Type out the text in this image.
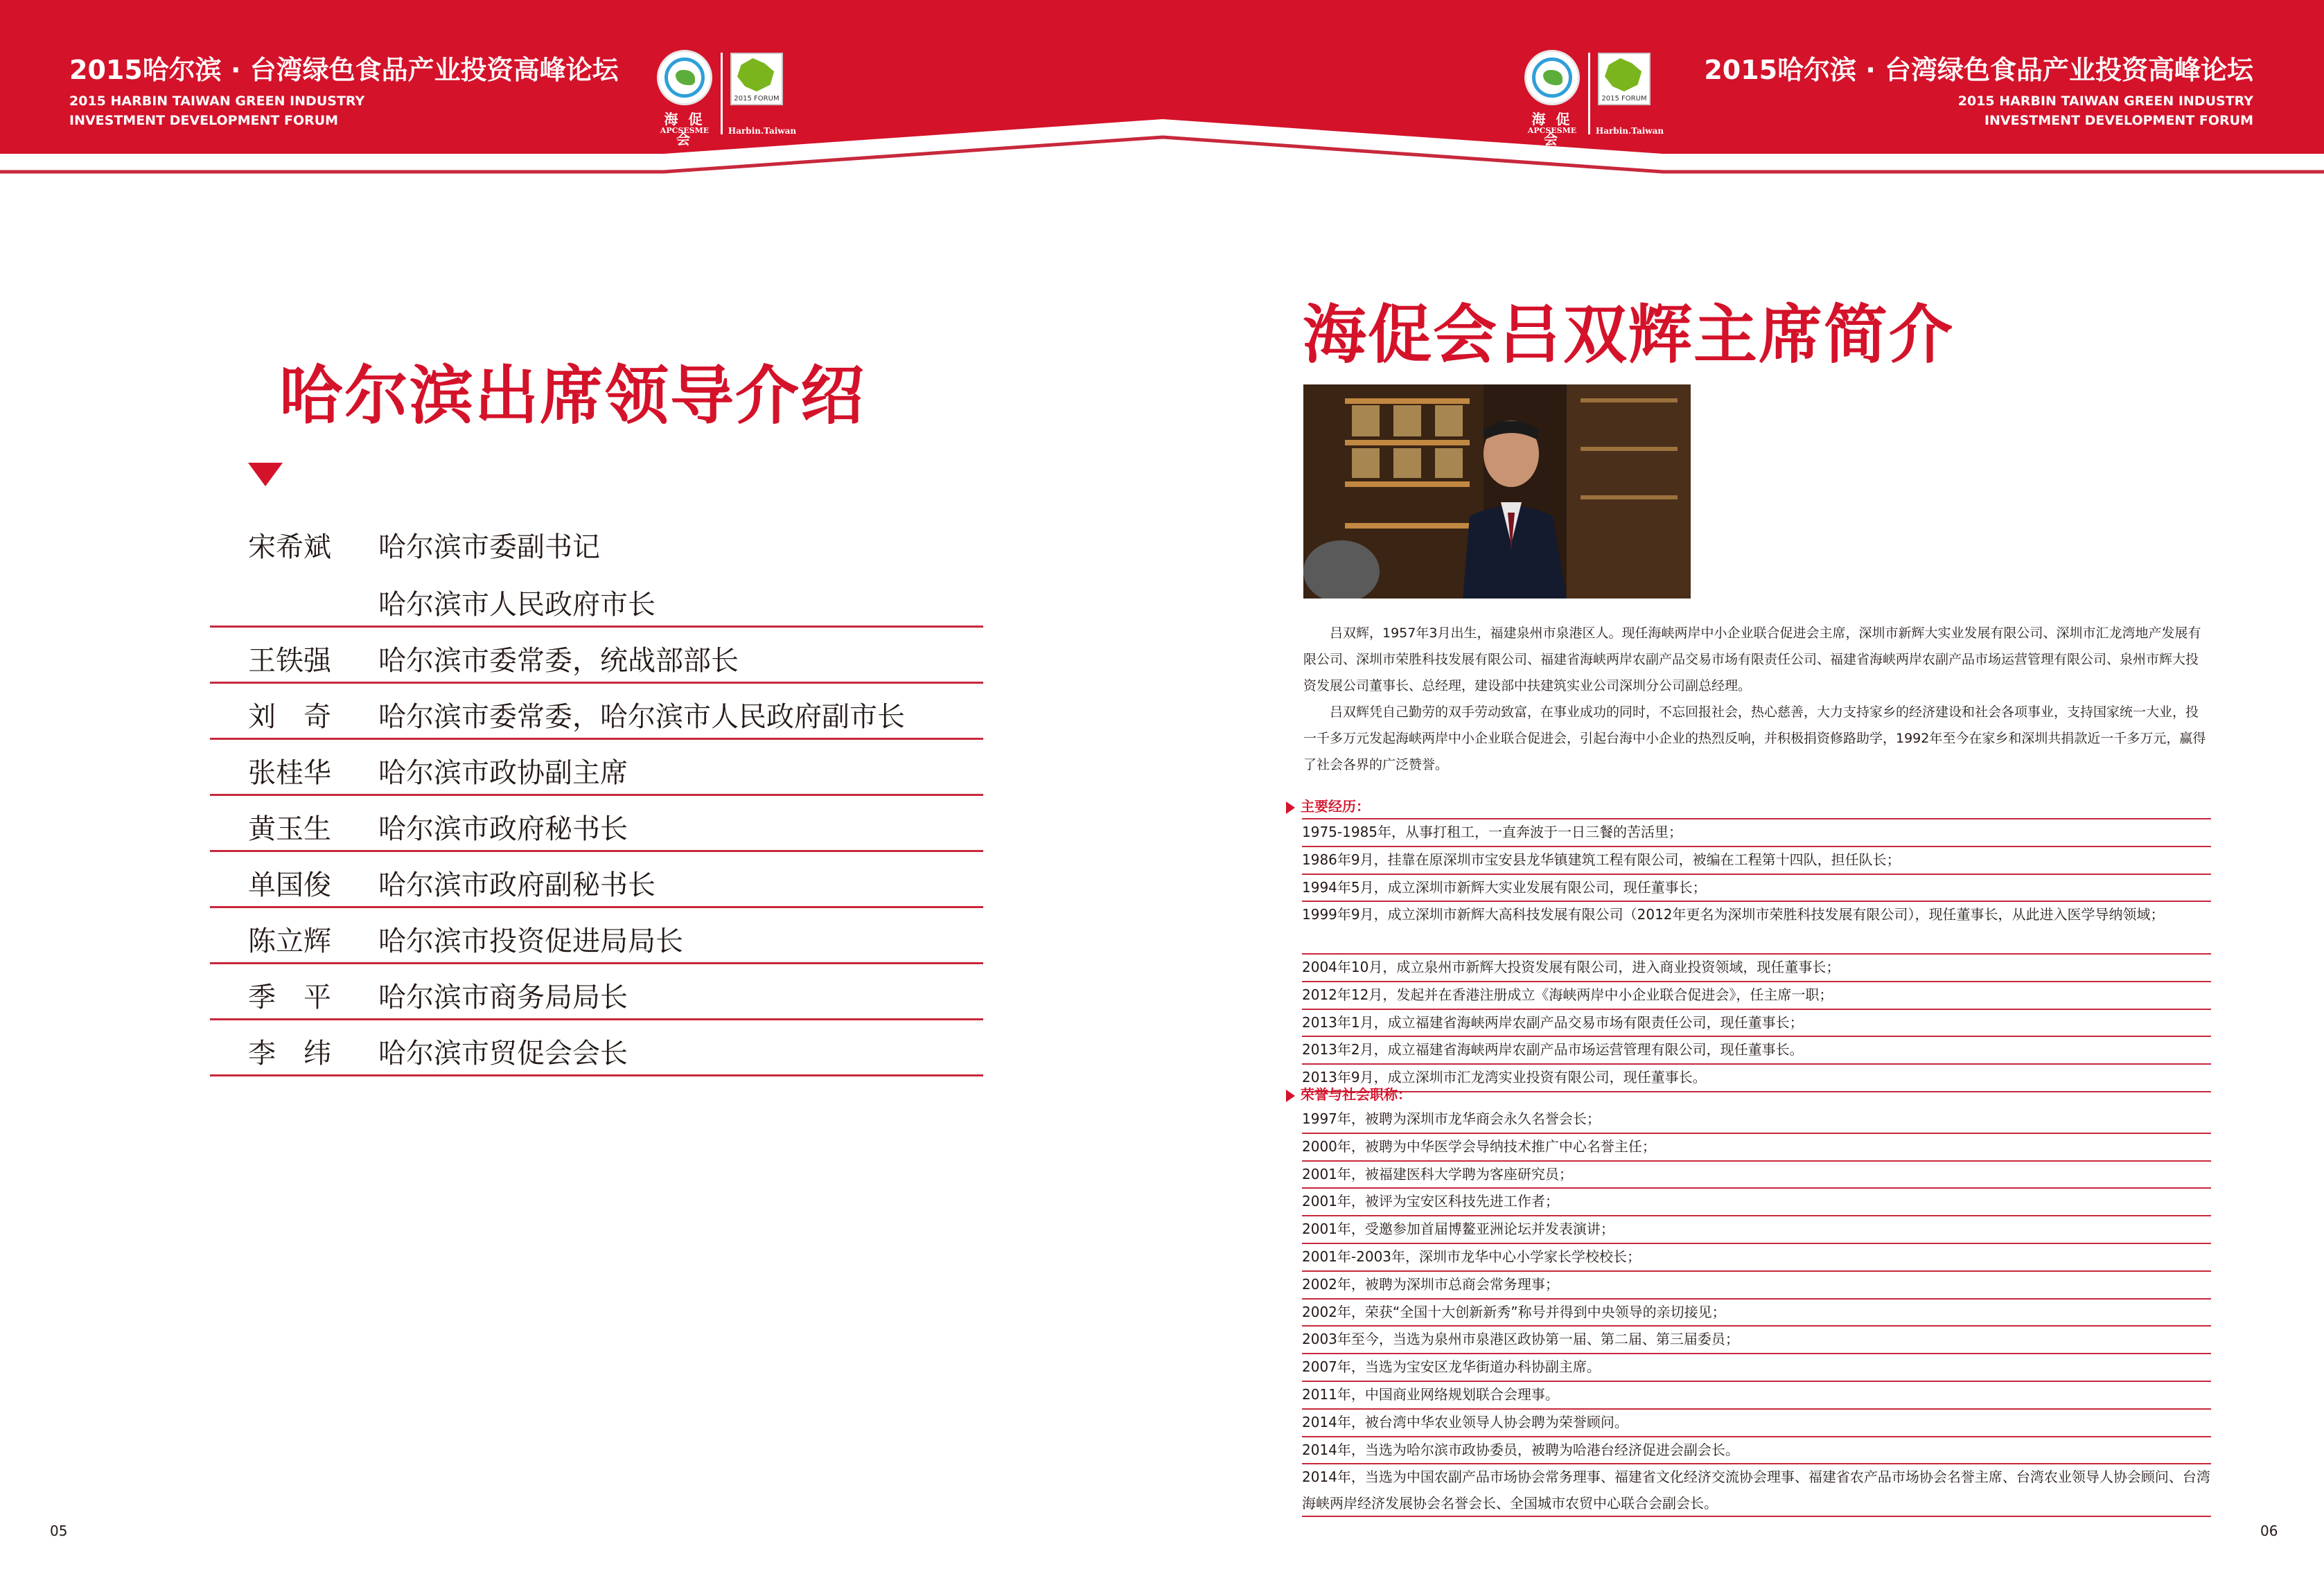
2015哈尔滨 · 台湾绿色食品产业投资高峰论坛
2015 HARBIN TAIWAN GREEN INDUSTRY
INVESTMENT DEVELOPMENT FORUM	海 促 会
APCSESME
2015 FORUM
Harbin.Taiwan
海 促 会
APCSESME
2015 FORUM
Harbin.Taiwan
2015哈尔滨 · 台湾绿色食品产业投资高峰论坛
2015 HARBIN TAIWAN GREEN INDUSTRY
INVESTMENT DEVELOPMENT FORUM
哈尔滨出席领导介绍
宋希斌 哈尔滨市委副书记
哈尔滨市人民政府市长
王铁强 哈尔滨市委常委，统战部部长
刘　奇 哈尔滨市委常委，哈尔滨市人民政府副市长
张桂华 哈尔滨市政协副主席
黄玉生 哈尔滨市政府秘书长
单国俊 哈尔滨市政府副秘书长
陈立辉 哈尔滨市投资促进局局长
季　平 哈尔滨市商务局局长
李　纬 哈尔滨市贸促会会长
05
海促会吕双辉主席简介

吕双辉，1957年3月出生，福建泉州市泉港区人。现任海峡两岸中小企业联合促进会主席，深圳市新辉大实业发展有限公司、深圳市汇龙湾地产发展有限公司、深圳市荣胜科技发展有限公司、福建省海峡两岸农副产品交易市场有限责任公司、福建省海峡两岸农副产品市场运营管理有限公司、泉州市辉大投资发展公司董事长、总经理，建设部中扶建筑实业公司深圳分公司副总经理。

吕双辉凭自己勤劳的双手劳动致富，在事业成功的同时，不忘回报社会，热心慈善，大力支持家乡的经济建设和社会各项事业，支持国家统一大业，投一千多万元发起海峡两岸中小企业联合促进会，引起台海中小企业的热烈反响，并积极捐资修路助学，1992年至今在家乡和深圳共捐款近一千多万元，赢得了社会各界的广泛赞誉。

主要经历：
1975-1985年，从事打租工，一直奔波于一日三餐的苦活里；
1986年9月，挂靠在原深圳市宝安县龙华镇建筑工程有限公司，被编在工程第十四队，担任队长；
1994年5月，成立深圳市新辉大实业发展有限公司，现任董事长；
1999年9月，成立深圳市新辉大高科技发展有限公司（2012年更名为深圳市荣胜科技发展有限公司），现任董事长，从此进入医学导纳领域；
2004年10月，成立泉州市新辉大投资发展有限公司，进入商业投资领域，现任董事长；
2012年12月，发起并在香港注册成立《海峡两岸中小企业联合促进会》，任主席一职；
2013年1月，成立福建省海峡两岸农副产品交易市场有限责任公司，现任董事长；
2013年2月，成立福建省海峡两岸农副产品市场运营管理有限公司，现任董事长。
2013年9月，成立深圳市汇龙湾实业投资有限公司，现任董事长。
荣誉与社会职称：
1997年，被聘为深圳市龙华商会永久名誉会长；
2000年，被聘为中华医学会导纳技术推广中心名誉主任；
2001年，被福建医科大学聘为客座研究员；
2001年，被评为宝安区科技先进工作者；
2001年，受邀参加首届博鳌亚洲论坛并发表演讲；
2001年-2003年，深圳市龙华中心小学家长学校校长；
2002年，被聘为深圳市总商会常务理事；
2002年，荣获“全国十大创新新秀”称号并得到中央领导的亲切接见；
2003年至今，当选为泉州市泉港区政协第一届、第二届、第三届委员；
2007年，当选为宝安区龙华街道办科协副主席。
2011年，中国商业网络规划联合会理事。
2014年，被台湾中华农业领导人协会聘为荣誉顾问。
2014年，当选为哈尔滨市政协委员，被聘为哈港台经济促进会副会长。
2014年，当选为中国农副产品市场协会常务理事、福建省文化经济交流协会理事、福建省农产品市场协会名誉主席、台湾农业领导人协会顾问、台湾海峡两岸经济发展协会名誉会长、全国城市农贸中心联合会副会长。
06
